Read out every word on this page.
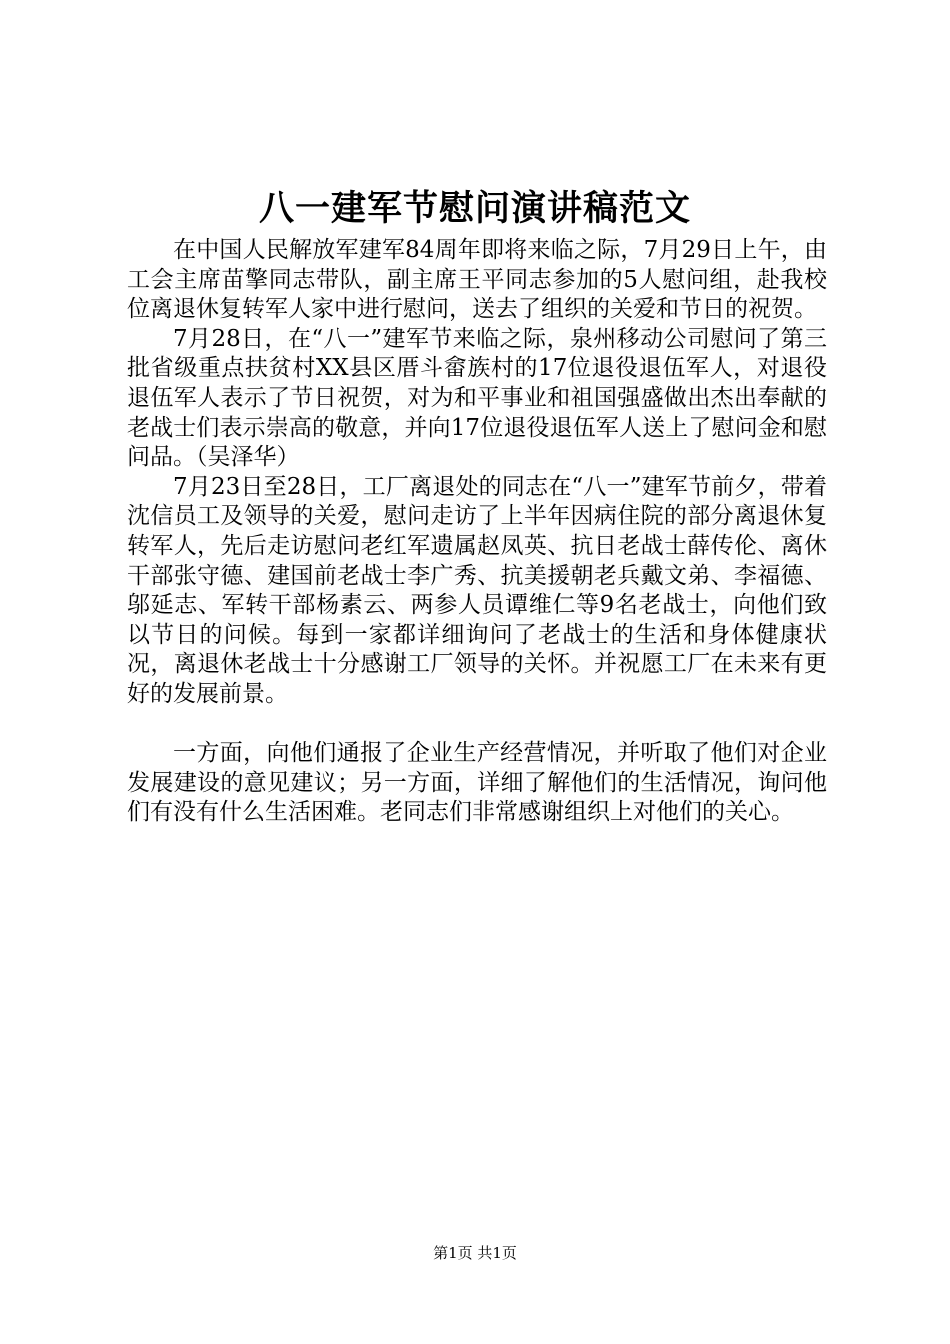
八一建军节慰问演讲稿范文

在中国人民解放军建军84周年即将来临之际，7月29日上午，由工会主席苗擎同志带队，副主席王平同志参加的5人慰问组，赴我校位离退休复转军人家中进行慰问，送去了组织的关爱和节日的祝贺。

7月28日，在“八一”建军节来临之际，泉州移动公司慰问了第三批省级重点扶贫村XX县区厝斗畲族村的17位退役退伍军人，对退役退伍军人表示了节日祝贺，对为和平事业和祖国强盛做出杰出奉献的老战士们表示崇高的敬意，并向17位退役退伍军人送上了慰问金和慰问品。（吴泽华）

7月23日至28日，工厂离退处的同志在“八一”建军节前夕，带着沈信员工及领导的关爱，慰问走访了上半年因病住院的部分离退休复转军人，先后走访慰问老红军遗属赵凤英、抗日老战士薛传伦、离休干部张守德、建国前老战士李广秀、抗美援朝老兵戴文弟、李福德、邬延志、军转干部杨素云、两参人员谭维仁等9名老战士，向他们致以节日的问候。每到一家都详细询问了老战士的生活和身体健康状况，离退休老战士十分感谢工厂领导的关怀。并祝愿工厂在未来有更好的发展前景。

一方面，向他们通报了企业生产经营情况，并听取了他们对企业发展建设的意见建议；另一方面，详细了解他们的生活情况，询问他们有没有什么生活困难。老同志们非常感谢组织上对他们的关心。

第1页 共1页
